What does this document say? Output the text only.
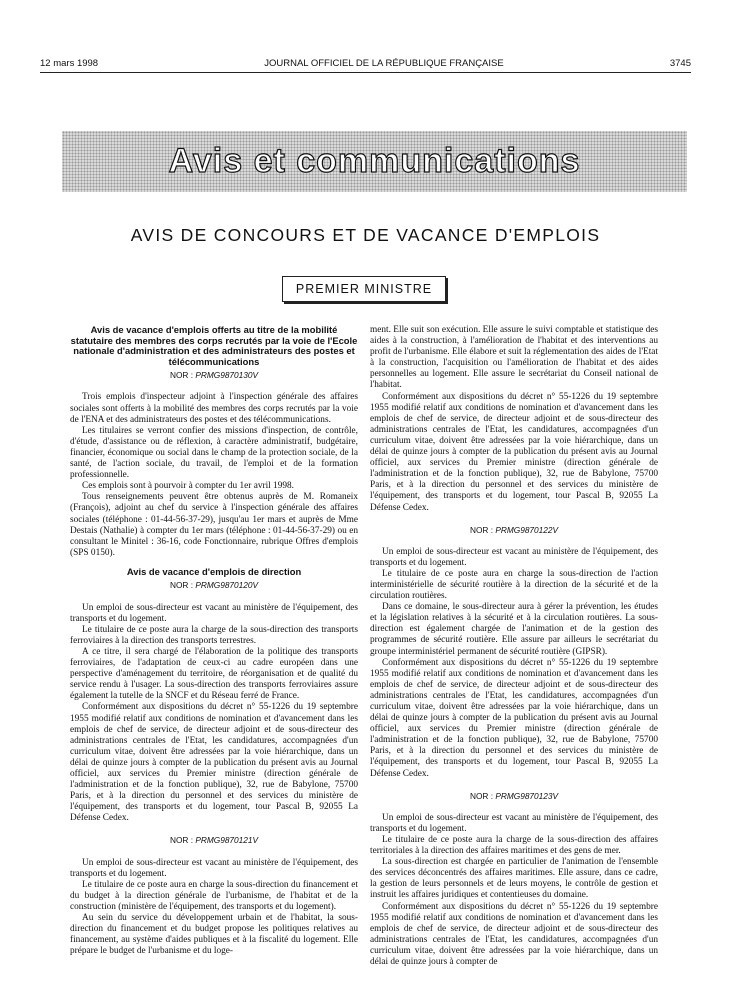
12 mars 1998	JOURNAL OFFICIEL DE LA RÉPUBLIQUE FRANÇAISE	3745
Avis et communications
AVIS DE CONCOURS ET DE VACANCE D'EMPLOIS
PREMIER MINISTRE
Avis de vacance d'emplois offerts au titre de la mobilité statutaire des membres des corps recrutés par la voie de l'Ecole nationale d'administration et des administrateurs des postes et télécommunications
NOR : PRMG9870130V

Trois emplois d'inspecteur adjoint à l'inspection générale des affaires sociales sont offerts à la mobilité des membres des corps recrutés par la voie de l'ENA et des administrateurs des postes et des télécommunications.

Les titulaires se verront confier des missions d'inspection, de contrôle, d'étude, d'assistance ou de réflexion, à caractère administratif, budgétaire, financier, économique ou social dans le champ de la protection sociale, de la santé, de l'action sociale, du travail, de l'emploi et de la formation professionnelle.

Ces emplois sont à pourvoir à compter du 1er avril 1998.

Tous renseignements peuvent être obtenus auprès de M. Romaneix (François), adjoint au chef du service à l'inspection générale des affaires sociales (téléphone : 01-44-56-37-29), jusqu'au 1er mars et auprès de Mme Destais (Nathalie) à compter du 1er mars (téléphone : 01-44-56-37-29) ou en consultant le Minitel : 36-16, code Fonctionnaire, rubrique Offres d'emplois (SPS 0150).

Avis de vacance d'emplois de direction
NOR : PRMG9870120V

Un emploi de sous-directeur est vacant au ministère de l'équipement, des transports et du logement.

Le titulaire de ce poste aura la charge de la sous-direction des transports ferroviaires à la direction des transports terrestres.

A ce titre, il sera chargé de l'élaboration de la politique des transports ferroviaires, de l'adaptation de ceux-ci au cadre européen dans une perspective d'aménagement du territoire, de réorganisation et de qualité du service rendu à l'usager. La sous-direction des transports ferroviaires assure également la tutelle de la SNCF et du Réseau ferré de France.

Conformément aux dispositions du décret n° 55-1226 du 19 septembre 1955 modifié relatif aux conditions de nomination et d'avancement dans les emplois de chef de service, de directeur adjoint et de sous-directeur des administrations centrales de l'Etat, les candidatures, accompagnées d'un curriculum vitae, doivent être adressées par la voie hiérarchique, dans un délai de quinze jours à compter de la publication du présent avis au Journal officiel, aux services du Premier ministre (direction générale de l'administration et de la fonction publique), 32, rue de Babylone, 75700 Paris, et à la direction du personnel et des services du ministère de l'équipement, des transports et du logement, tour Pascal B, 92055 La Défense Cedex.

NOR : PRMG9870121V

Un emploi de sous-directeur est vacant au ministère de l'équipement, des transports et du logement.

Le titulaire de ce poste aura en charge la sous-direction du financement et du budget à la direction générale de l'urbanisme, de l'habitat et de la construction (ministère de l'équipement, des transports et du logement).

Au sein du service du développement urbain et de l'habitat, la sous-direction du financement et du budget propose les politiques relatives au financement, au système d'aides publiques et à la fiscalité du logement. Elle prépare le budget de l'urbanisme et du loge-

ment. Elle suit son exécution. Elle assure le suivi comptable et statistique des aides à la construction, à l'amélioration de l'habitat et des interventions au profit de l'urbanisme. Elle élabore et suit la réglementation des aides de l'Etat à la construction, l'acquisition ou l'amélioration de l'habitat et des aides personnelles au logement. Elle assure le secrétariat du Conseil national de l'habitat.

Conformément aux dispositions du décret n° 55-1226 du 19 septembre 1955 modifié relatif aux conditions de nomination et d'avancement dans les emplois de chef de service, de directeur adjoint et de sous-directeur des administrations centrales de l'Etat, les candidatures, accompagnées d'un curriculum vitae, doivent être adressées par la voie hiérarchique, dans un délai de quinze jours à compter de la publication du présent avis au Journal officiel, aux services du Premier ministre (direction générale de l'administration et de la fonction publique), 32, rue de Babylone, 75700 Paris, et à la direction du personnel et des services du ministère de l'équipement, des transports et du logement, tour Pascal B, 92055 La Défense Cedex.

NOR : PRMG9870122V

Un emploi de sous-directeur est vacant au ministère de l'équipement, des transports et du logement.

Le titulaire de ce poste aura en charge la sous-direction de l'action interministérielle de sécurité routière à la direction de la sécurité et de la circulation routières.

Dans ce domaine, le sous-directeur aura à gérer la prévention, les études et la législation relatives à la sécurité et à la circulation routières. La sous-direction est également chargée de l'animation et de la gestion des programmes de sécurité routière. Elle assure par ailleurs le secrétariat du groupe interministériel permanent de sécurité routière (GIPSR).

Conformément aux dispositions du décret n° 55-1226 du 19 septembre 1955 modifié relatif aux conditions de nomination et d'avancement dans les emplois de chef de service, de directeur adjoint et de sous-directeur des administrations centrales de l'Etat, les candidatures, accompagnées d'un curriculum vitae, doivent être adressées par la voie hiérarchique, dans un délai de quinze jours à compter de la publication du présent avis au Journal officiel, aux services du Premier ministre (direction générale de l'administration et de la fonction publique), 32, rue de Babylone, 75700 Paris, et à la direction du personnel et des services du ministère de l'équipement, des transports et du logement, tour Pascal B, 92055 La Défense Cedex.

NOR : PRMG9870123V

Un emploi de sous-directeur est vacant au ministère de l'équipement, des transports et du logement.

Le titulaire de ce poste aura la charge de la sous-direction des affaires territoriales à la direction des affaires maritimes et des gens de mer.

La sous-direction est chargée en particulier de l'animation de l'ensemble des services déconcentrés des affaires maritimes. Elle assure, dans ce cadre, la gestion de leurs personnels et de leurs moyens, le contrôle de gestion et instruit les affaires juridiques et contentieuses du domaine.

Conformément aux dispositions du décret n° 55-1226 du 19 septembre 1955 modifié relatif aux conditions de nomination et d'avancement dans les emplois de chef de service, de directeur adjoint et de sous-directeur des administrations centrales de l'Etat, les candidatures, accompagnées d'un curriculum vitae, doivent être adressées par la voie hiérarchique, dans un délai de quinze jours à compter de
